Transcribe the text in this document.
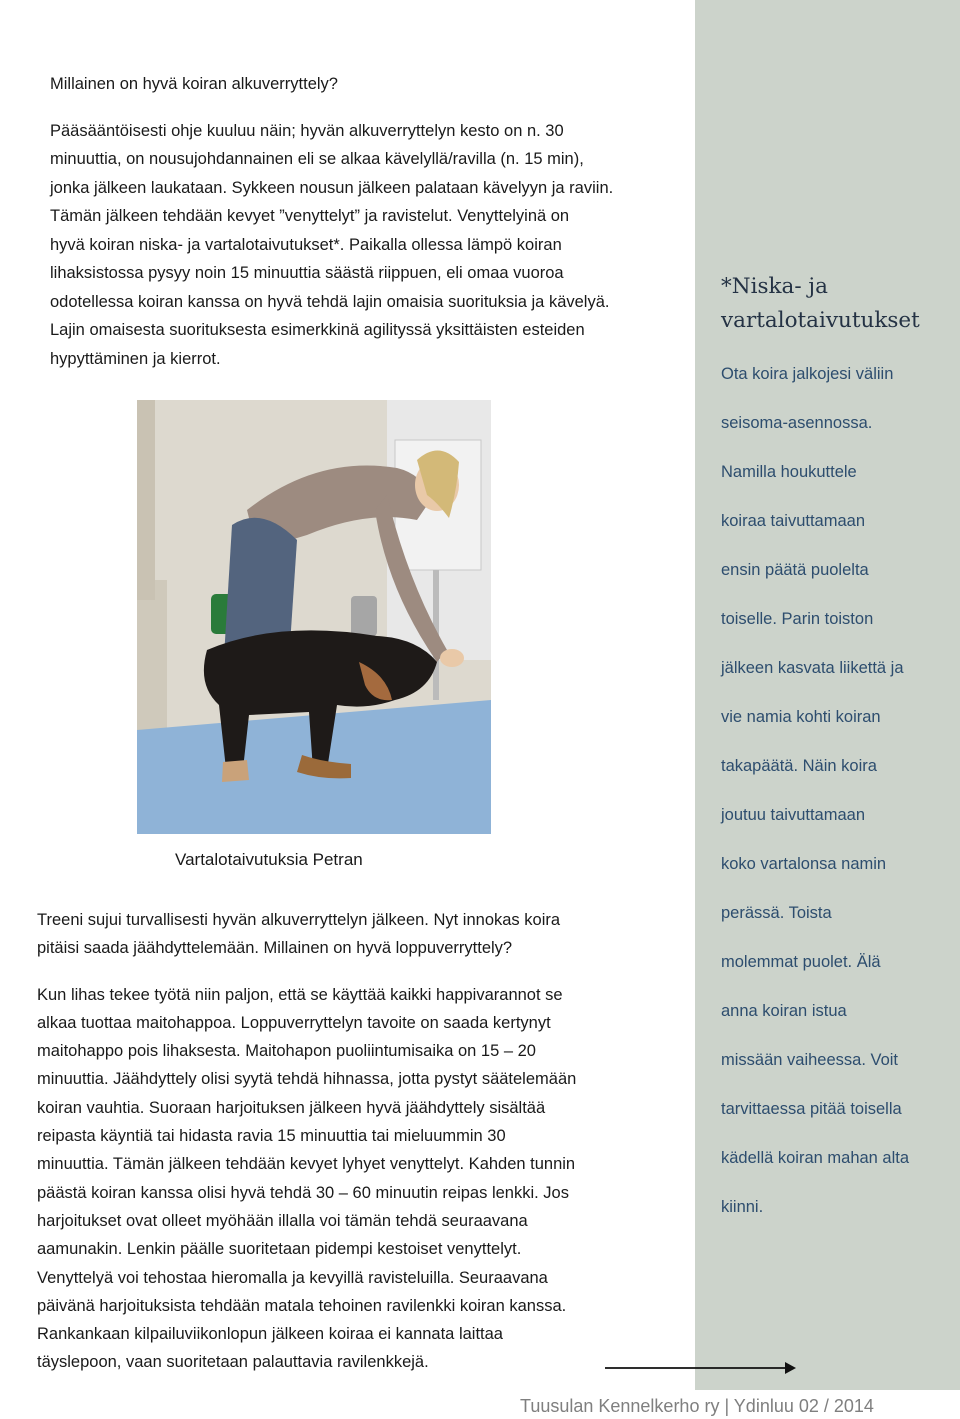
Millainen on hyvä koiran alkuverryttely?

Pääsääntöisesti ohje kuuluu näin; hyvän alkuverryttelyn kesto on n. 30

minuuttia, on nousujohdannainen eli se alkaa kävelyllä/ravilla (n. 15 min),

jonka jälkeen laukataan. Sykkeen nousun jälkeen palataan kävelyyn ja raviin.

Tämän jälkeen tehdään kevyet ”venyttelyt” ja ravistelut. Venyttelyinä on

hyvä koiran niska- ja vartalotaivutukset*. Paikalla ollessa lämpö koiran

lihaksistossa pysyy noin 15 minuuttia säästä riippuen, eli omaa vuoroa

odotellessa koiran kanssa on hyvä tehdä lajin omaisia suorituksia ja kävelyä.

Lajin omaisesta suorituksesta esimerkkinä agilityssä yksittäisten esteiden

hypyttäminen ja kierrot.

Vartalotaivutuksia Petran

Treeni sujui turvallisesti hyvän alkuverryttelyn jälkeen. Nyt innokas koira

pitäisi saada jäähdyttelemään. Millainen on hyvä loppuverryttely?

Kun lihas tekee työtä niin paljon, että se käyttää kaikki happivarannot se

alkaa tuottaa maitohappoa. Loppuverryttelyn tavoite on saada kertynyt

maitohappo pois lihaksesta. Maitohapon puoliintumisaika on 15 – 20

minuuttia. Jäähdyttely olisi syytä tehdä hihnassa, jotta pystyt säätelemään

koiran vauhtia. Suoraan harjoituksen jälkeen hyvä jäähdyttely sisältää

reipasta käyntiä tai hidasta ravia 15 minuuttia tai mieluummin 30

minuuttia. Tämän jälkeen tehdään kevyet lyhyet venyttelyt. Kahden tunnin

päästä koiran kanssa olisi hyvä tehdä 30 – 60 minuutin reipas lenkki. Jos

harjoitukset ovat olleet myöhään illalla voi tämän tehdä seuraavana

aamunakin. Lenkin päälle suoritetaan pidempi kestoiset venyttelyt.

Venyttelyä voi tehostaa hieromalla ja kevyillä ravisteluilla. Seuraavana

päivänä harjoituksista tehdään matala tehoinen ravilenkki koiran kanssa.

Rankankaan kilpailuviikonlopun jälkeen koiraa ei kannata laittaa

täyslepoon, vaan suoritetaan palauttavia ravilenkkejä.

*Niska- ja
vartalotaivutukset
Ota koira jalkojesi väliin
seisoma-asennossa.
Namilla houkuttele
koiraa taivuttamaan
ensin päätä puolelta
toiselle. Parin toiston
jälkeen kasvata liikettä ja
vie namia kohti koiran
takapäätä. Näin koira
joutuu taivuttamaan
koko vartalonsa namin
perässä. Toista
molemmat puolet. Älä
anna koiran istua
missään vaiheessa. Voit
tarvittaessa pitää toisella
kädellä koiran mahan alta
kiinni.
Tuusulan Kennelkerho ry | Ydinluu 02 / 2014
